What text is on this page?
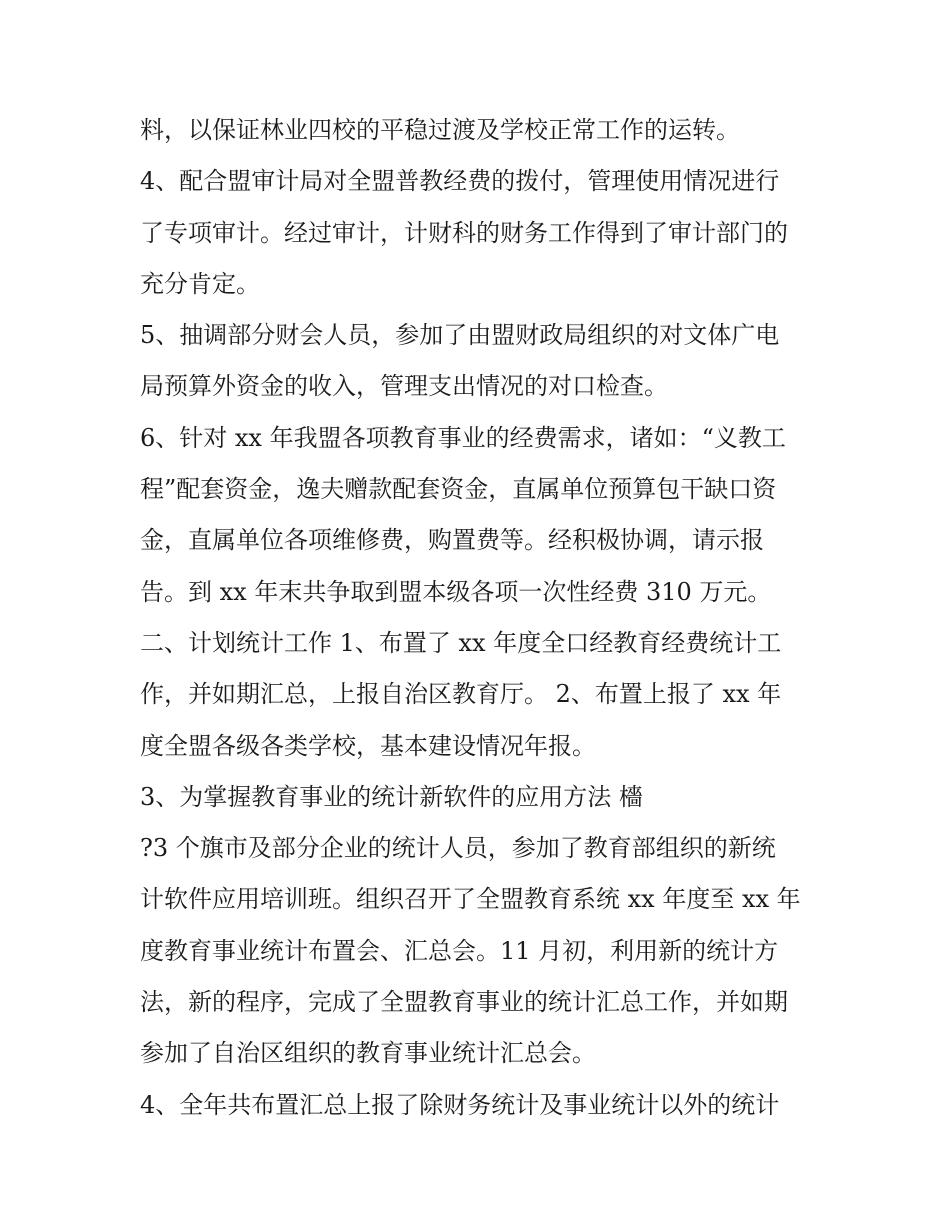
料，以保证林业四校的平稳过渡及学校正常工作的运转。
4、配合盟审计局对全盟普教经费的拨付，管理使用情况进行
了专项审计。经过审计，计财科的财务工作得到了审计部门的
充分肯定。
5、抽调部分财会人员，参加了由盟财政局组织的对文体广电
局预算外资金的收入，管理支出情况的对口检查。
6、针对 xx 年我盟各项教育事业的经费需求，诸如：“义教工
程”配套资金，逸夫赠款配套资金，直属单位预算包干缺口资
金，直属单位各项维修费，购置费等。经积极协调，请示报
告。到 xx 年末共争取到盟本级各项一次性经费 310 万元。
二、计划统计工作 1、布置了 xx 年度全口经教育经费统计工
作，并如期汇总，上报自治区教育厅。 2、布置上报了 xx 年
度全盟各级各类学校，基本建设情况年报。
3、为掌握教育事业的统计新软件的应用方法 檣
?3 个旗市及部分企业的统计人员，参加了教育部组织的新统
计软件应用培训班。组织召开了全盟教育系统 xx 年度至 xx 年
度教育事业统计布置会、汇总会。11 月初，利用新的统计方
法，新的程序，完成了全盟教育事业的统计汇总工作，并如期
参加了自治区组织的教育事业统计汇总会。
4、全年共布置汇总上报了除财务统计及事业统计以外的统计
